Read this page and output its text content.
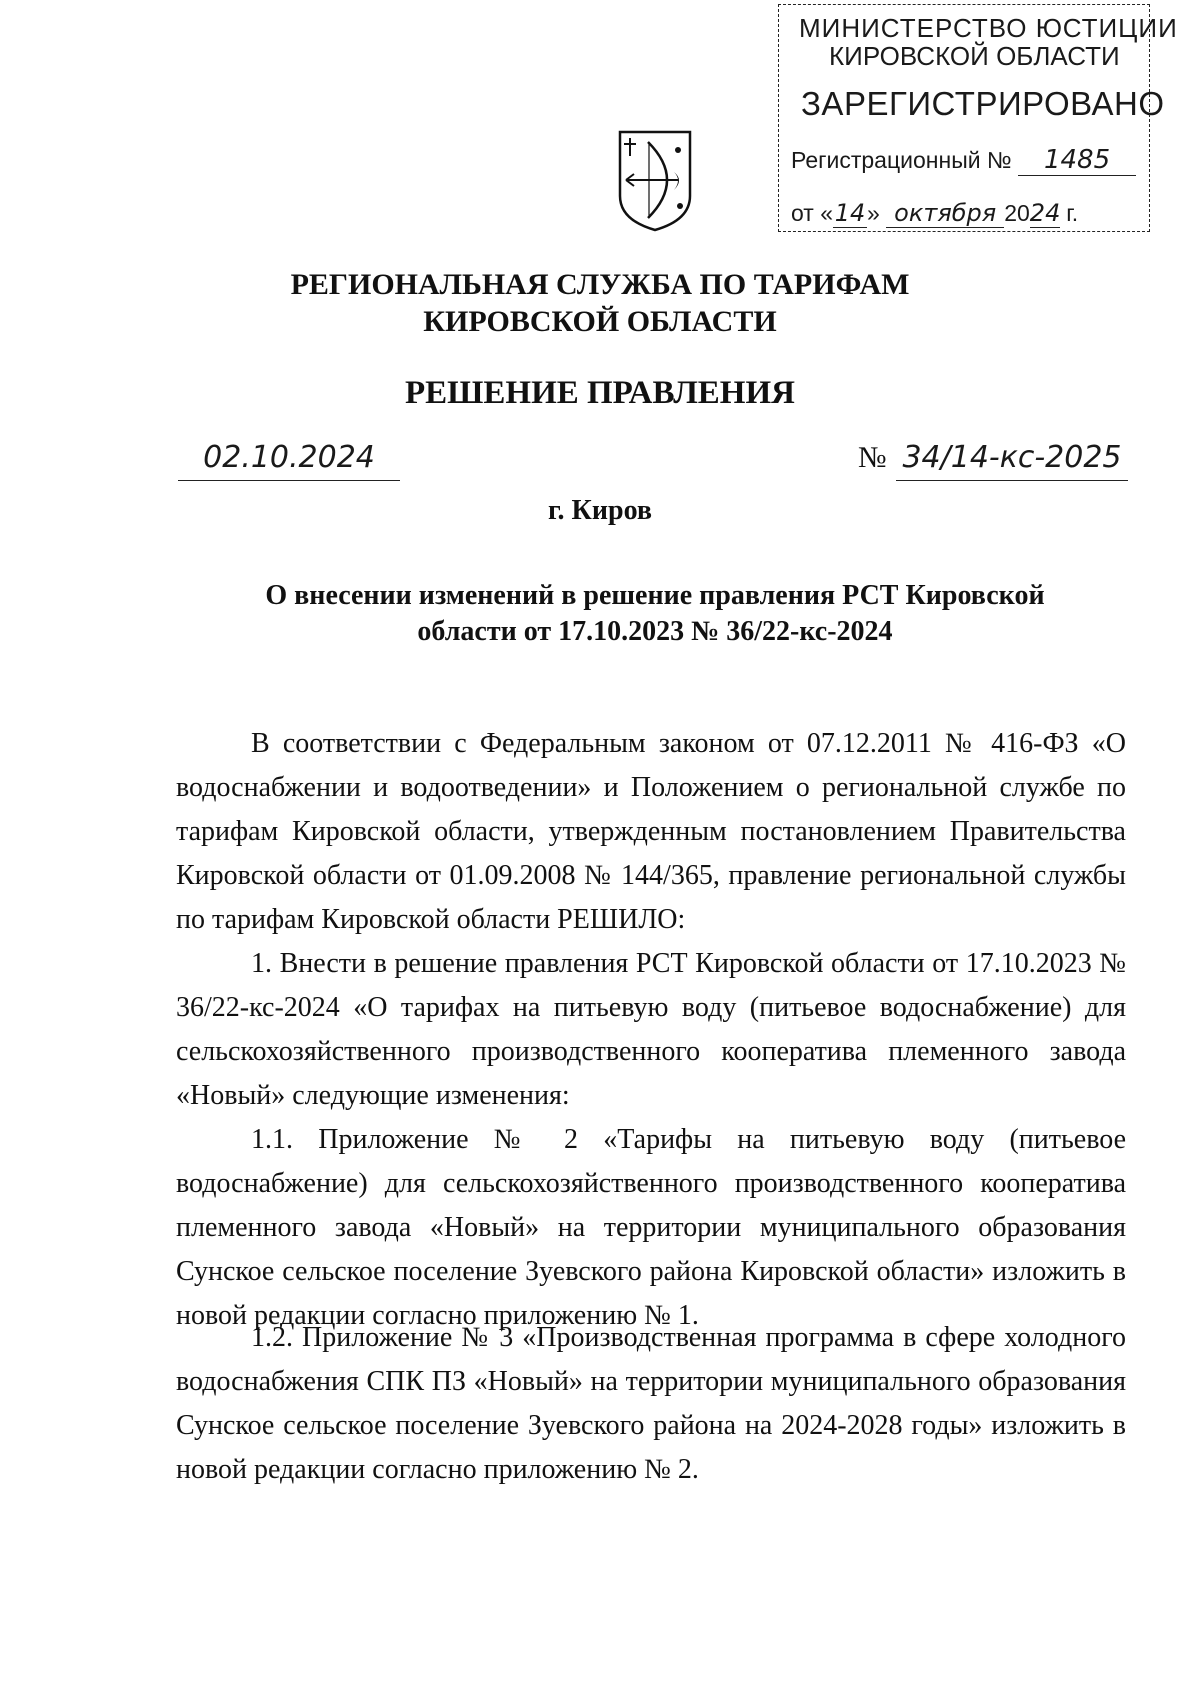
МИНИСТЕРСТВО ЮСТИЦИИ
КИРОВСКОЙ ОБЛАСТИ
ЗАРЕГИСТРИРОВАНО
Регистрационный № 1485
от «14» октября 2024 г.
РЕГИОНАЛЬНАЯ СЛУЖБА ПО ТАРИФАМ
КИРОВСКОЙ ОБЛАСТИ
РЕШЕНИЕ ПРАВЛЕНИЯ
02.10.2024	№ 34/14-кс-2025
г. Киров
О внесении изменений в решение правления РСТ Кировской
области от 17.10.2023 № 36/22-кс-2024

В соответствии с Федеральным законом от 07.12.2011 № 416-ФЗ «О водоснабжении и водоотведении» и Положением о региональной службе по тарифам Кировской области, утвержденным постановлением Правительства Кировской области от 01.09.2008 № 144/365, правление региональной службы по тарифам Кировской области РЕШИЛО:

1. Внести в решение правления РСТ Кировской области от 17.10.2023 № 36/22-кс-2024 «О тарифах на питьевую воду (питьевое водоснабжение) для сельскохозяйственного производственного кооператива племенного завода «Новый» следующие изменения:

1.1. Приложение № 2 «Тарифы на питьевую воду (питьевое водоснабжение) для сельскохозяйственного производственного кооператива племенного завода «Новый» на территории муниципального образования Сунское сельское поселение Зуевского района Кировской области» изложить в новой редакции согласно приложению № 1.

1.2. Приложение № 3 «Производственная программа в сфере холодного водоснабжения СПК ПЗ «Новый» на территории муниципального образования Сунское сельское поселение Зуевского района на 2024-2028 годы» изложить в новой редакции согласно приложению № 2.
